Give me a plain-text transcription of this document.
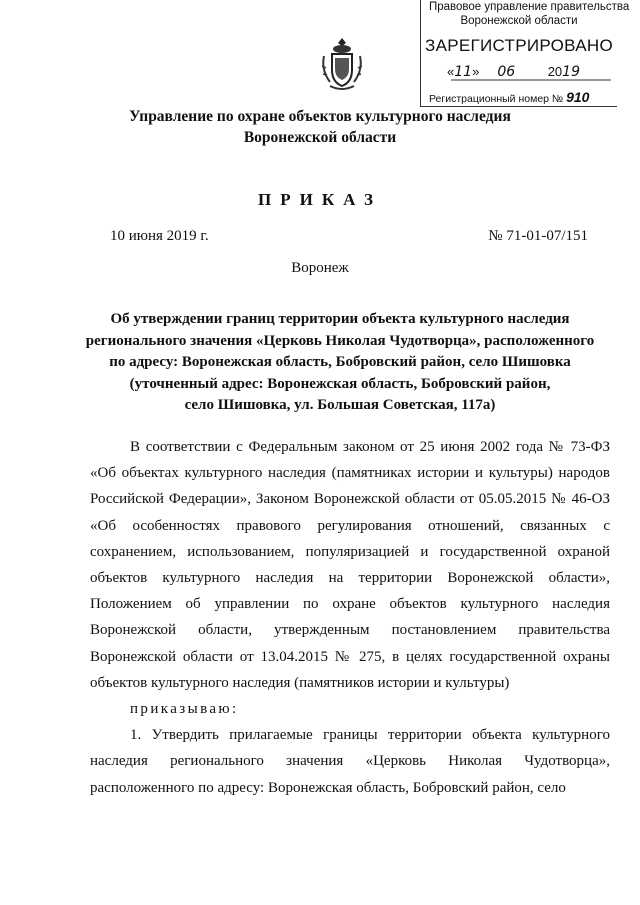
Правовое управление правительства
Воронежской области
ЗАРЕГИСТРИРОВАНО
«11»     06	2019
Регистрационный номер № 910
Управление по охране объектов культурного наследия
Воронежской области
ПРИКАЗ
10 июня 2019 г.	№ 71-01-07/151
Воронеж
Об утверждении границ территории объекта культурного наследия
регионального значения «Церковь Николая Чудотворца», расположенного
по адресу: Воронежская область, Бобровский район, село Шишовка
(уточненный адрес: Воронежская область, Бобровский район,
село Шишовка, ул. Большая Советская, 117а)

В соответствии с Федеральным законом от 25 июня 2002 года № 73-ФЗ «Об объектах культурного наследия (памятниках истории и культуры) народов Российской Федерации», Законом Воронежской области от 05.05.2015 № 46-ОЗ «Об особенностях правового регулирования отношений, связанных с сохранением, использованием, популяризацией и государственной охраной объектов культурного наследия на территории Воронежской области», Положением об управлении по охране объектов культурного наследия Воронежской области, утвержденным постановлением правительства Воронежской области от 13.04.2015 № 275, в целях государственной охраны объектов культурного наследия (памятников истории и культуры)

приказываю:

1. Утвердить прилагаемые границы территории объекта культурного наследия регионального значения «Церковь Николая Чудотворца», расположенного по адресу: Воронежская область, Бобровский район, село
